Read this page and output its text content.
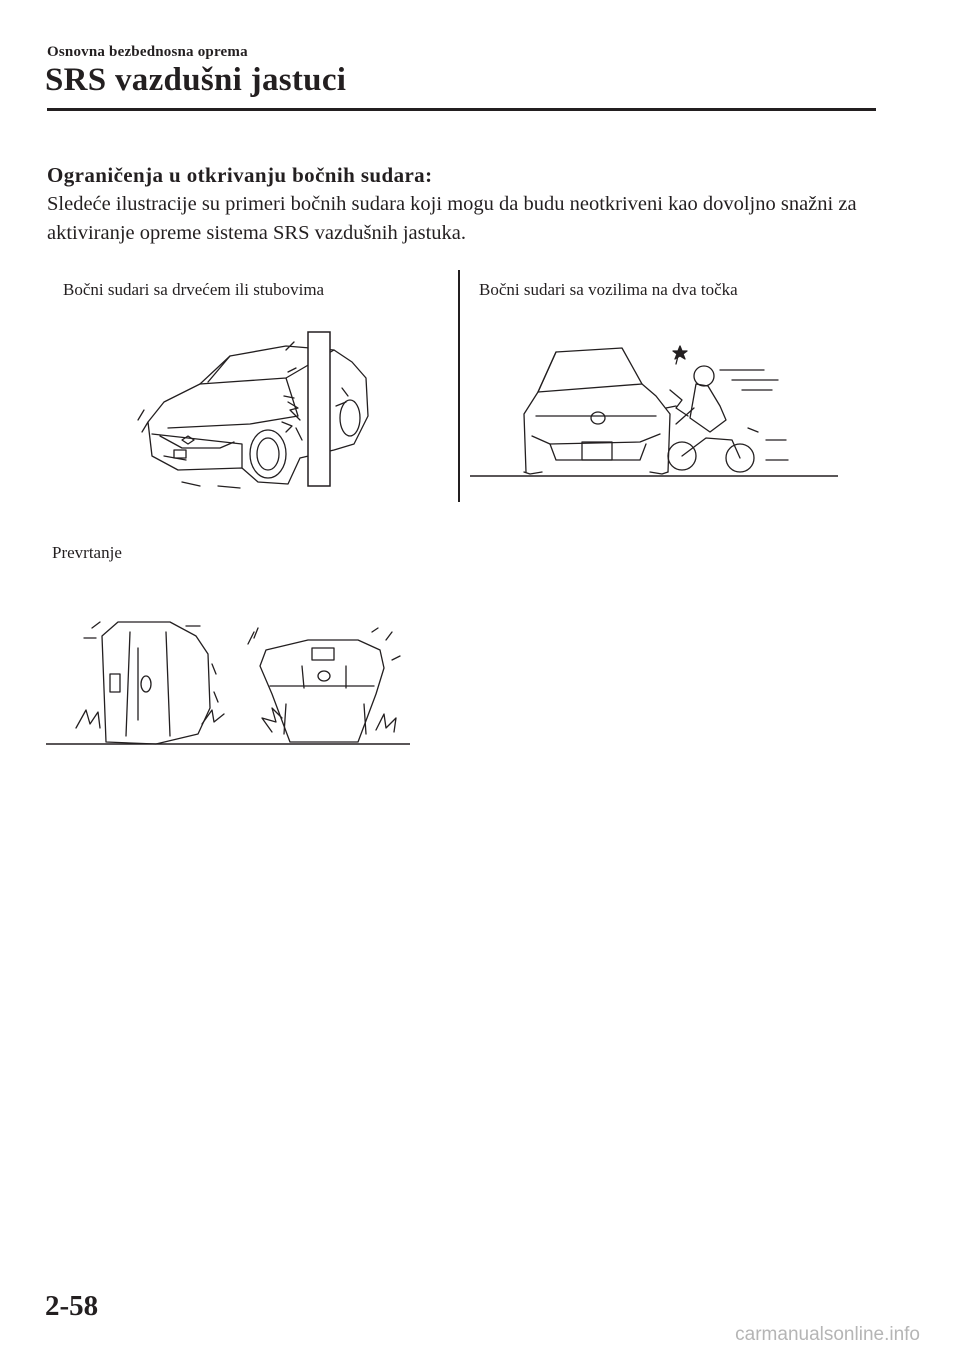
Osnovna bezbednosna oprema
SRS vazdušni jastuci
Ograničenja u otkrivanju bočnih sudara:
Sledeće ilustracije su primeri bočnih sudara koji mogu da budu neotkriveni kao dovoljno snažni za aktiviranje opreme sistema SRS vazdušnih jastuka.
Bočni sudari sa drvećem ili stubovima	Bočni sudari sa vozilima na dva točka
Prevrtanje
2-58
carmanualsonline.info
